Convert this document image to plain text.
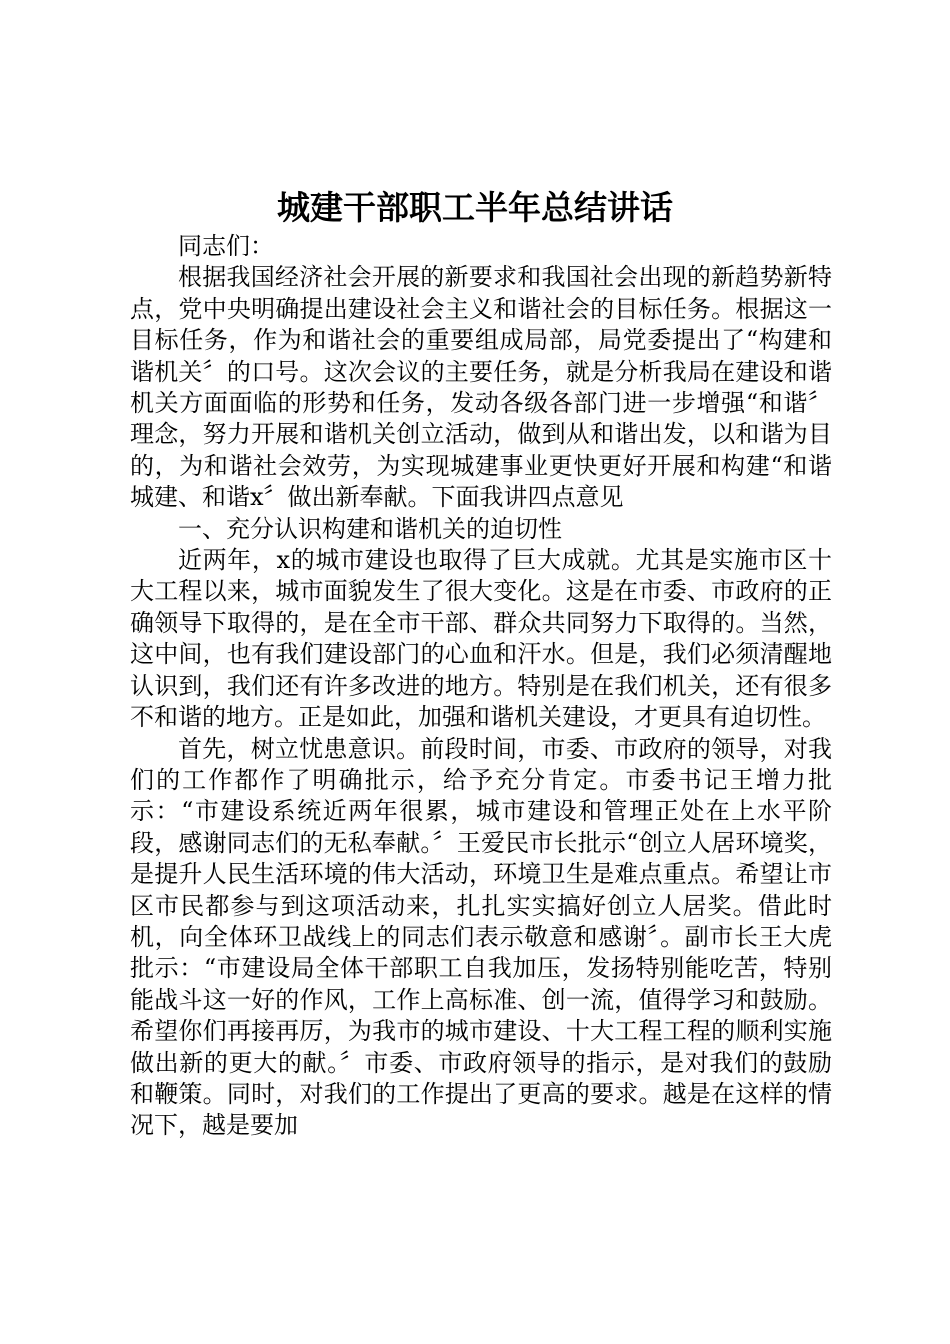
城建干部职工半年总结讲话

同志们：

根据我国经济社会开展的新要求和我国社会出现的新趋势新特点，党中央明确提出建设社会主义和谐社会的目标任务。根据这一目标任务，作为和谐社会的重要组成局部，局党委提出了“构建和谐机关〞的口号。这次会议的主要任务，就是分析我局在建设和谐机关方面面临的形势和任务，发动各级各部门进一步增强“和谐〞理念，努力开展和谐机关创立活动，做到从和谐出发，以和谐为目的，为和谐社会效劳，为实现城建事业更快更好开展和构建“和谐城建、和谐x〞做出新奉献。下面我讲四点意见

一、充分认识构建和谐机关的迫切性

近两年，x的城市建设也取得了巨大成就。尤其是实施市区十大工程以来，城市面貌发生了很大变化。这是在市委、市政府的正确领导下取得的，是在全市干部、群众共同努力下取得的。当然，这中间，也有我们建设部门的心血和汗水。但是，我们必须清醒地认识到，我们还有许多改进的地方。特别是在我们机关，还有很多不和谐的地方。正是如此，加强和谐机关建设，才更具有迫切性。

首先，树立忧患意识。前段时间，市委、市政府的领导，对我们的工作都作了明确批示，给予充分肯定。市委书记王增力批示：“市建设系统近两年很累，城市建设和管理正处在上水平阶段，感谢同志们的无私奉献。〞王爱民市长批示“创立人居环境奖，是提升人民生活环境的伟大活动，环境卫生是难点重点。希望让市区市民都参与到这项活动来，扎扎实实搞好创立人居奖。借此时机，向全体环卫战线上的同志们表示敬意和感谢〞。副市长王大虎批示：“市建设局全体干部职工自我加压，发扬特别能吃苦，特别能战斗这一好的作风，工作上高标准、创一流，值得学习和鼓励。希望你们再接再厉，为我市的城市建设、十大工程工程的顺利实施做出新的更大的献。〞市委、市政府领导的指示，是对我们的鼓励和鞭策。同时，对我们的工作提出了更高的要求。越是在这样的情况下，越是要加
